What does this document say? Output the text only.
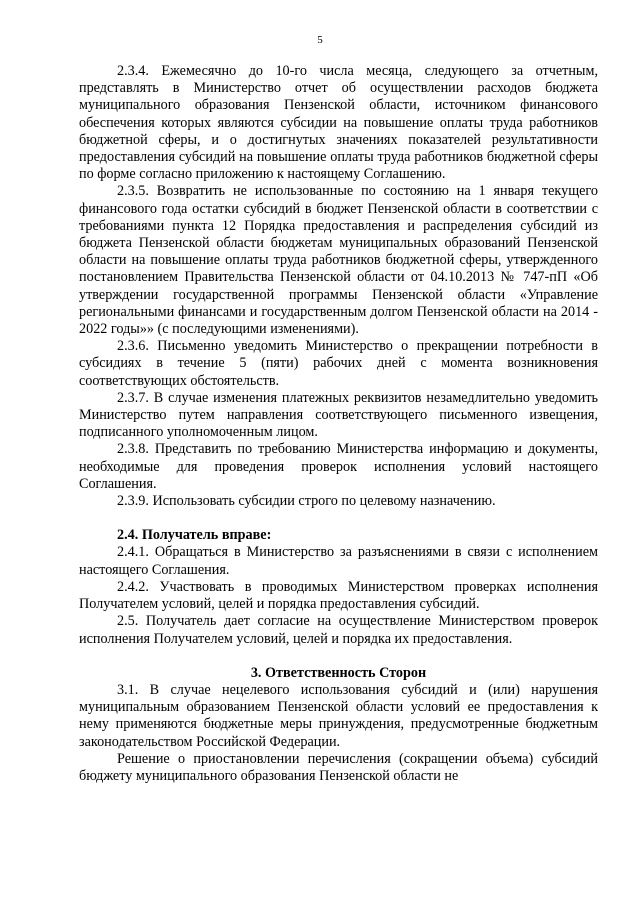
5

2.3.4. Ежемесячно до 10-го числа месяца, следующего за отчетным, представлять в Министерство отчет об осуществлении расходов бюджета муниципального образования Пензенской области, источником финансового обеспечения которых являются субсидии на повышение оплаты труда работников бюджетной сферы, и о достигнутых значениях показателей результативности предоставления субсидий на повышение оплаты труда работников бюджетной сферы по форме согласно приложению к настоящему Соглашению.

2.3.5. Возвратить не использованные по состоянию на 1 января текущего финансового года остатки субсидий в бюджет Пензенской области в соответствии с требованиями пункта 12 Порядка предоставления и распределения субсидий из бюджета Пензенской области бюджетам муниципальных образований Пензенской области на повышение оплаты труда работников бюджетной сферы, утвержденного постановлением Правительства Пензенской области от 04.10.2013 № 747-пП «Об утверждении государственной программы Пензенской области «Управление региональными финансами и государственным долгом Пензенской области на 2014 - 2022 годы»» (с последующими изменениями).

2.3.6. Письменно уведомить Министерство о прекращении потребности в субсидиях в течение 5 (пяти) рабочих дней с момента возникновения соответствующих обстоятельств.

2.3.7. В случае изменения платежных реквизитов незамедлительно уведомить Министерство путем направления соответствующего письменного извещения, подписанного уполномоченным лицом.

2.3.8. Представить по требованию Министерства информацию и документы, необходимые для проведения проверок исполнения условий настоящего Соглашения.

2.3.9. Использовать субсидии строго по целевому назначению.

2.4. Получатель вправе:

2.4.1. Обращаться в Министерство за разъяснениями в связи с исполнением настоящего Соглашения.

2.4.2. Участвовать в проводимых Министерством проверках исполнения Получателем условий, целей и порядка предоставления субсидий.

2.5. Получатель дает согласие на осуществление Министерством проверок исполнения Получателем условий, целей и порядка их предоставления.

3. Ответственность Сторон

3.1. В случае нецелевого использования субсидий и (или) нарушения муниципальным образованием Пензенской области условий ее предоставления к нему применяются бюджетные меры принуждения, предусмотренные бюджетным законодательством Российской Федерации.

Решение о приостановлении перечисления (сокращении объема) субсидий бюджету муниципального образования Пензенской области не
